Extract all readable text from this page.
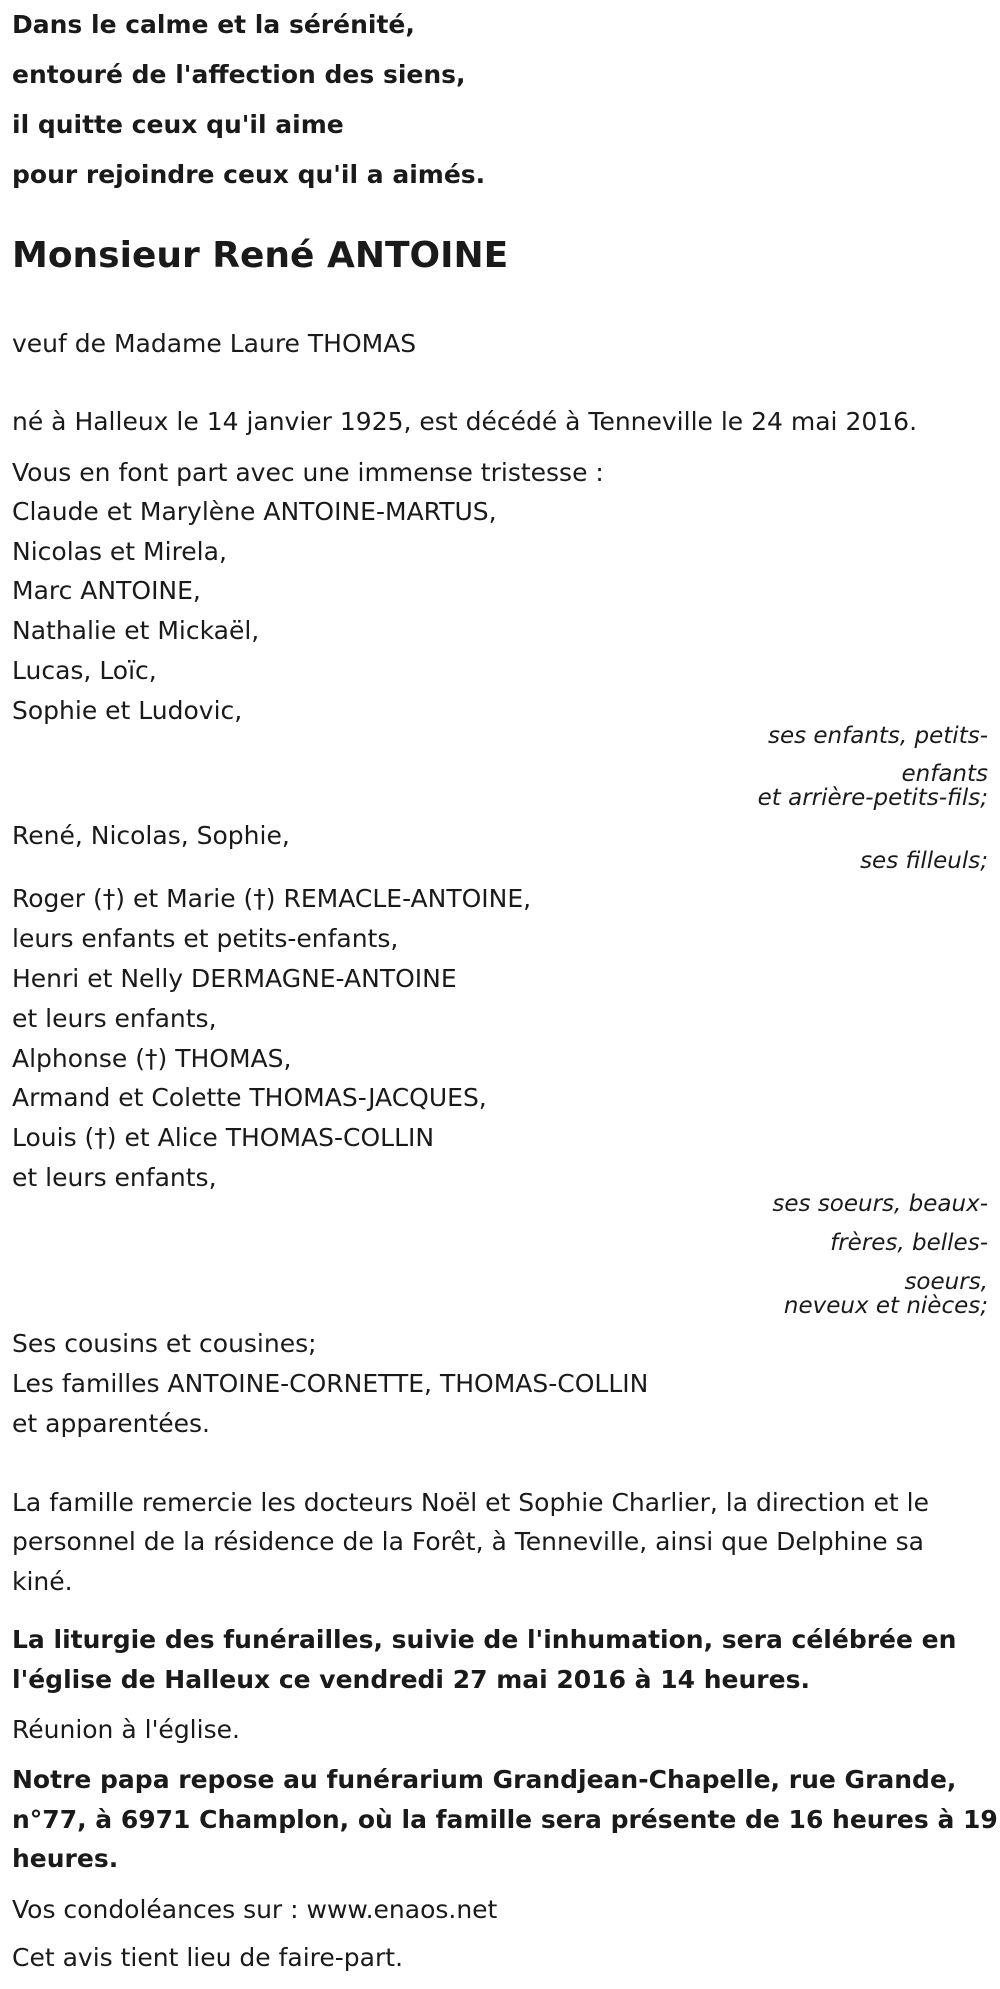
Dans le calme et la sérénité,
entouré de l'affection des siens,
il quitte ceux qu'il aime
pour rejoindre ceux qu'il a aimés.
Monsieur René ANTOINE
veuf de Madame Laure THOMAS
né à Halleux le 14 janvier 1925, est décédé à Tenneville le 24 mai 2016.
Vous en font part avec une immense tristesse :
Claude et Marylène ANTOINE-MARTUS,
Nicolas et Mirela,
Marc ANTOINE,
Nathalie et Mickaël,
Lucas, Loïc,
Sophie et Ludovic,
ses enfants, petits-
enfants
et arrière-petits-fils;
René, Nicolas, Sophie,
ses filleuls;
Roger (†) et Marie (†) REMACLE-ANTOINE,
leurs enfants et petits-enfants,
Henri et Nelly DERMAGNE-ANTOINE
et leurs enfants,
Alphonse (†) THOMAS,
Armand et Colette THOMAS-JACQUES,
Louis (†) et Alice THOMAS-COLLIN
et leurs enfants,
ses soeurs, beaux-
frères, belles-
soeurs,
neveux et nièces;
Ses cousins et cousines;
Les familles ANTOINE-CORNETTE, THOMAS-COLLIN
et apparentées.
La famille remercie les docteurs Noël et Sophie Charlier, la direction et le
personnel de la résidence de la Forêt, à Tenneville, ainsi que Delphine sa
kiné.
La liturgie des funérailles, suivie de l'inhumation, sera célébrée en
l'église de Halleux ce vendredi 27 mai 2016 à 14 heures.
Réunion à l'église.
Notre papa repose au funérarium Grandjean-Chapelle, rue Grande,
n°77, à 6971 Champlon, où la famille sera présente de 16 heures à 19
heures.
Vos condoléances sur : www.enaos.net
Cet avis tient lieu de faire-part.
